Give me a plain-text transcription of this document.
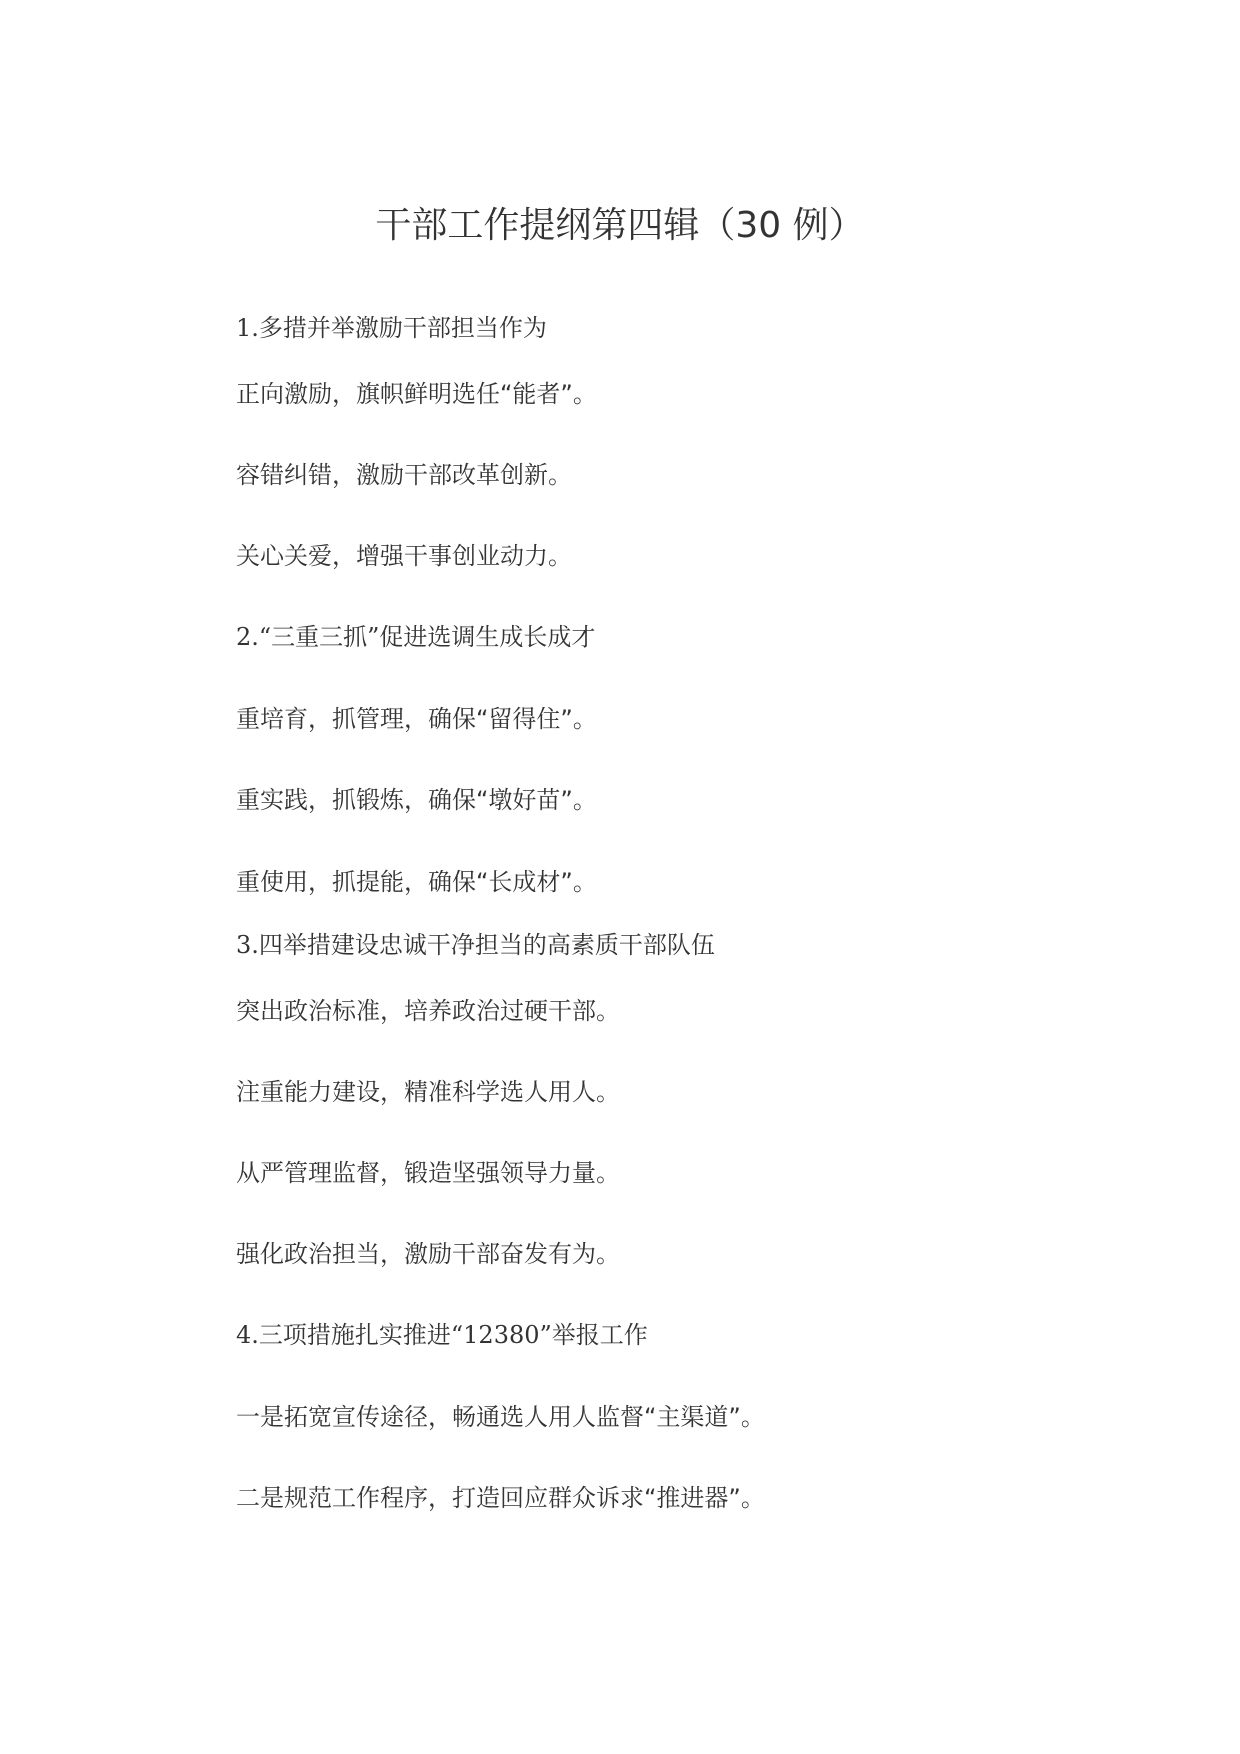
干部工作提纲第四辑（30 例）
1.多措并举激励干部担当作为
正向激励，旗帜鲜明选任“能者”。
容错纠错，激励干部改革创新。
关心关爱，增强干事创业动力。
2.“三重三抓”促进选调生成长成才
重培育，抓管理，确保“留得住”。
重实践，抓锻炼，确保“墩好苗”。
重使用，抓提能，确保“长成材”。
3.四举措建设忠诚干净担当的高素质干部队伍
突出政治标准，培养政治过硬干部。
注重能力建设，精准科学选人用人。
从严管理监督，锻造坚强领导力量。
强化政治担当，激励干部奋发有为。
4.三项措施扎实推进“12380”举报工作
一是拓宽宣传途径，畅通选人用人监督“主渠道”。
二是规范工作程序，打造回应群众诉求“推进器”。
